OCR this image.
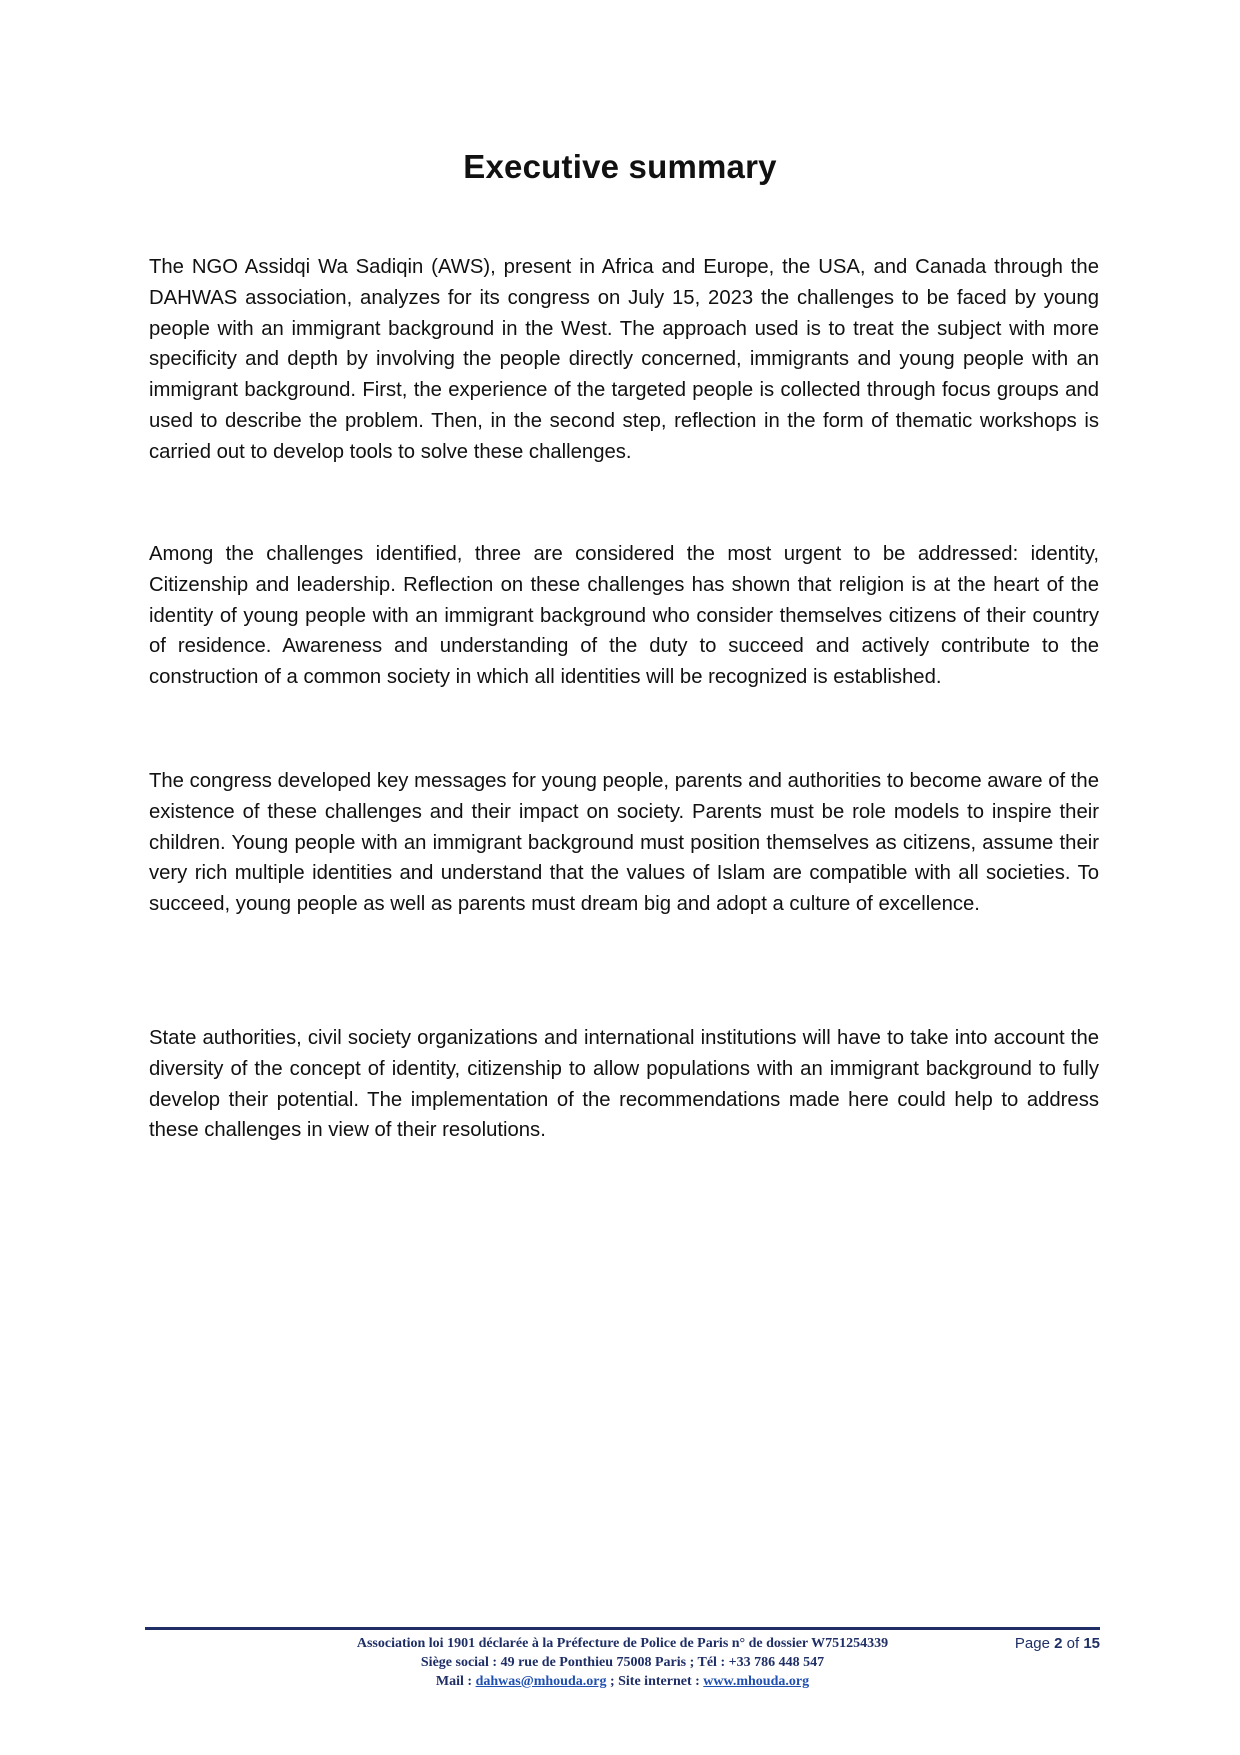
Executive summary

The NGO Assidqi Wa Sadiqin (AWS), present in Africa and Europe, the USA, and Canada through the DAHWAS association, analyzes for its congress on July 15, 2023 the challenges to be faced by young people with an immigrant background in the West. The approach used is to treat the subject with more specificity and depth by involving the people directly concerned, immigrants and young people with an immigrant background. First, the experience of the targeted people is collected through focus groups and used to describe the problem. Then, in the second step, reflection in the form of thematic workshops is carried out to develop tools to solve these challenges.

Among the challenges identified, three are considered the most urgent to be addressed: identity, Citizenship and leadership. Reflection on these challenges has shown that religion is at the heart of the identity of young people with an immigrant background who consider themselves citizens of their country of residence. Awareness and understanding of the duty to succeed and actively contribute to the construction of a common society in which all identities will be recognized is established.

The congress developed key messages for young people, parents and authorities to become aware of the existence of these challenges and their impact on society. Parents must be role models to inspire their children. Young people with an immigrant background must position themselves as citizens, assume their very rich multiple identities and understand that the values of Islam are compatible with all societies. To succeed, young people as well as parents must dream big and adopt a culture of excellence.

State authorities, civil society organizations and international institutions will have to take into account the diversity of the concept of identity, citizenship to allow populations with an immigrant background to fully develop their potential. The implementation of the recommendations made here could help to address these challenges in view of their resolutions.

Association loi 1901 déclarée à la Préfecture de Police de Paris n° de dossier W751254339	Page 2 of 15
Siège social : 49 rue de Ponthieu 75008 Paris ; Tél : +33 786 448 547
Mail : dahwas@mhouda.org ; Site internet : www.mhouda.org
